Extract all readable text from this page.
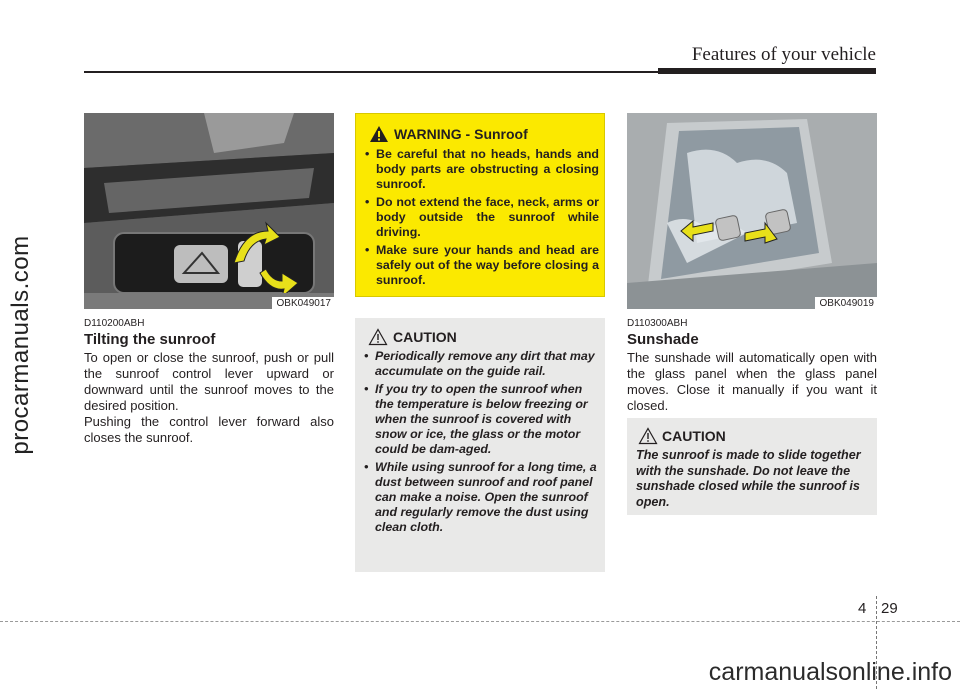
procarmanuals.com
Features of your vehicle
OBK049017
D110200ABH
Tilting the sunroof

To open or close the sunroof, push or pull the sunroof control lever upward or downward until the sunroof moves to the desired position.

Pushing the control lever forward also closes the sunroof.

WARNING - Sunroof
• Be careful that no heads, hands and body parts are obstructing a closing sunroof.
• Do not extend the face, neck, arms or body outside the sunroof while driving.
• Make sure your hands and head are safely out of the way before closing a sunroof.
CAUTION
• Periodically remove any dirt that may accumulate on the guide rail.
• If you try to open the sunroof when the temperature is below freezing or when the sunroof is covered with snow or ice, the glass or the motor could be dam-aged.
• While using sunroof for a long time, a dust between sunroof and roof panel can make a noise. Open the sunroof and regularly remove the dust using clean cloth.
OBK049019
D110300ABH
Sunshade

The sunshade will automatically open with the glass panel when the glass panel moves. Close it manually if you want it closed.

CAUTION

The sunroof is made to slide together with the sunshade. Do not leave the sunshade closed while the sunroof is open.

4 29
carmanualsonline.info
